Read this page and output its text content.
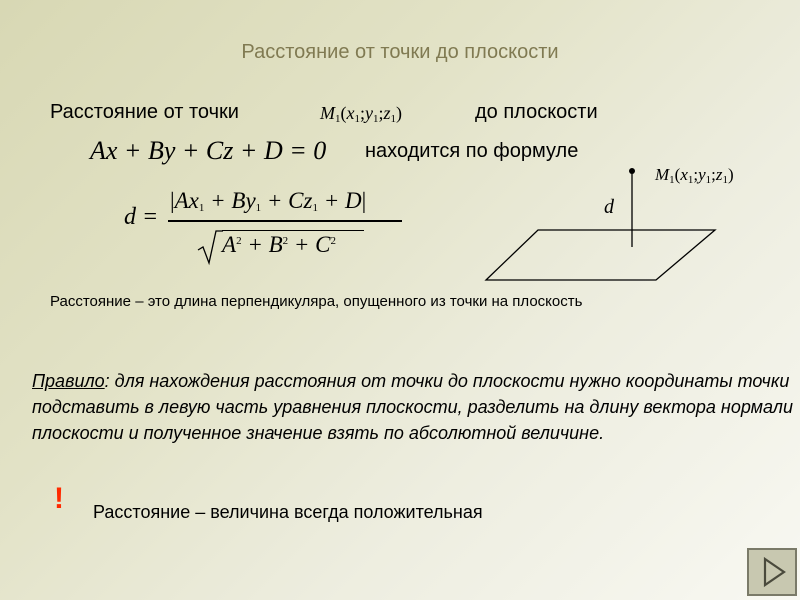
Расстояние от точки до плоскости
Расстояние от точки	$M_1(x_1;y_1;z_1)$	до плоскости
Ax + By + Cz + D = 0 находится по формуле
d =
$|Ax_1 + By_1 + Cz_1 + D|$
$A^2 + B^2 + C^2$
d
$M_1(x_1;y_1;z_1)$
Расстояние – это длина перпендикуляра, опущенного из точки на плоскость
Правило: для нахождения расстояния от точки до плоскости нужно координаты точки подставить в левую часть уравнения плоскости, разделить на длину вектора нормали плоскости и полученное значение взять по абсолютной величине.
! Расстояние – величина всегда положительная
